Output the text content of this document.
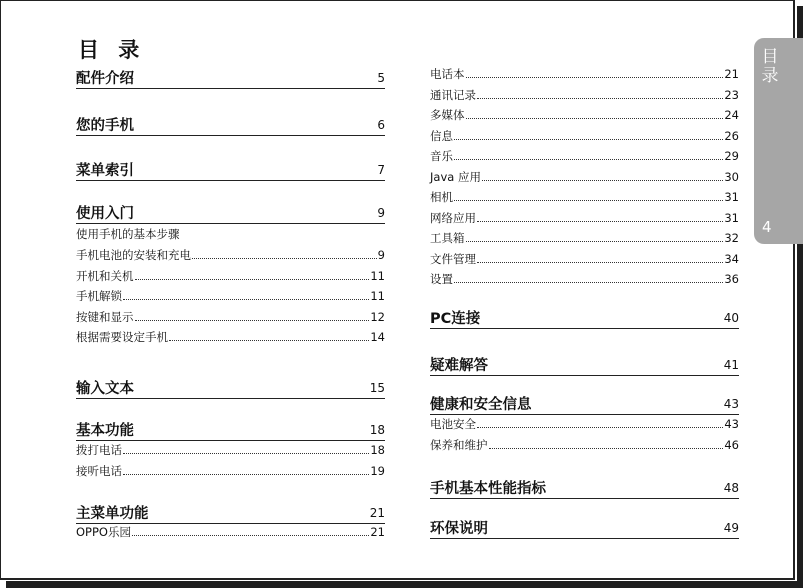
目 录
配件介绍	5
您的手机	6
菜单索引	7
使用入门	9
使用手机的基本步骤
手机电池的安装和充电	9
开机和关机	11
手机解锁	11
按键和显示	12
根据需要设定手机	14
输入文本	15
基本功能	18
拨打电话	18
接听电话	19
主菜单功能	21
OPPO乐园	21
电话本	21
通讯记录	23
多媒体	24
信息	26
音乐	29
Java 应用	30
相机	31
网络应用	31
工具箱	32
文件管理	34
设置	36
PC连接	40
疑难解答	41
健康和安全信息	43
电池安全	43
保养和维护	46
手机基本性能指标	48
环保说明	49
目
录
4
